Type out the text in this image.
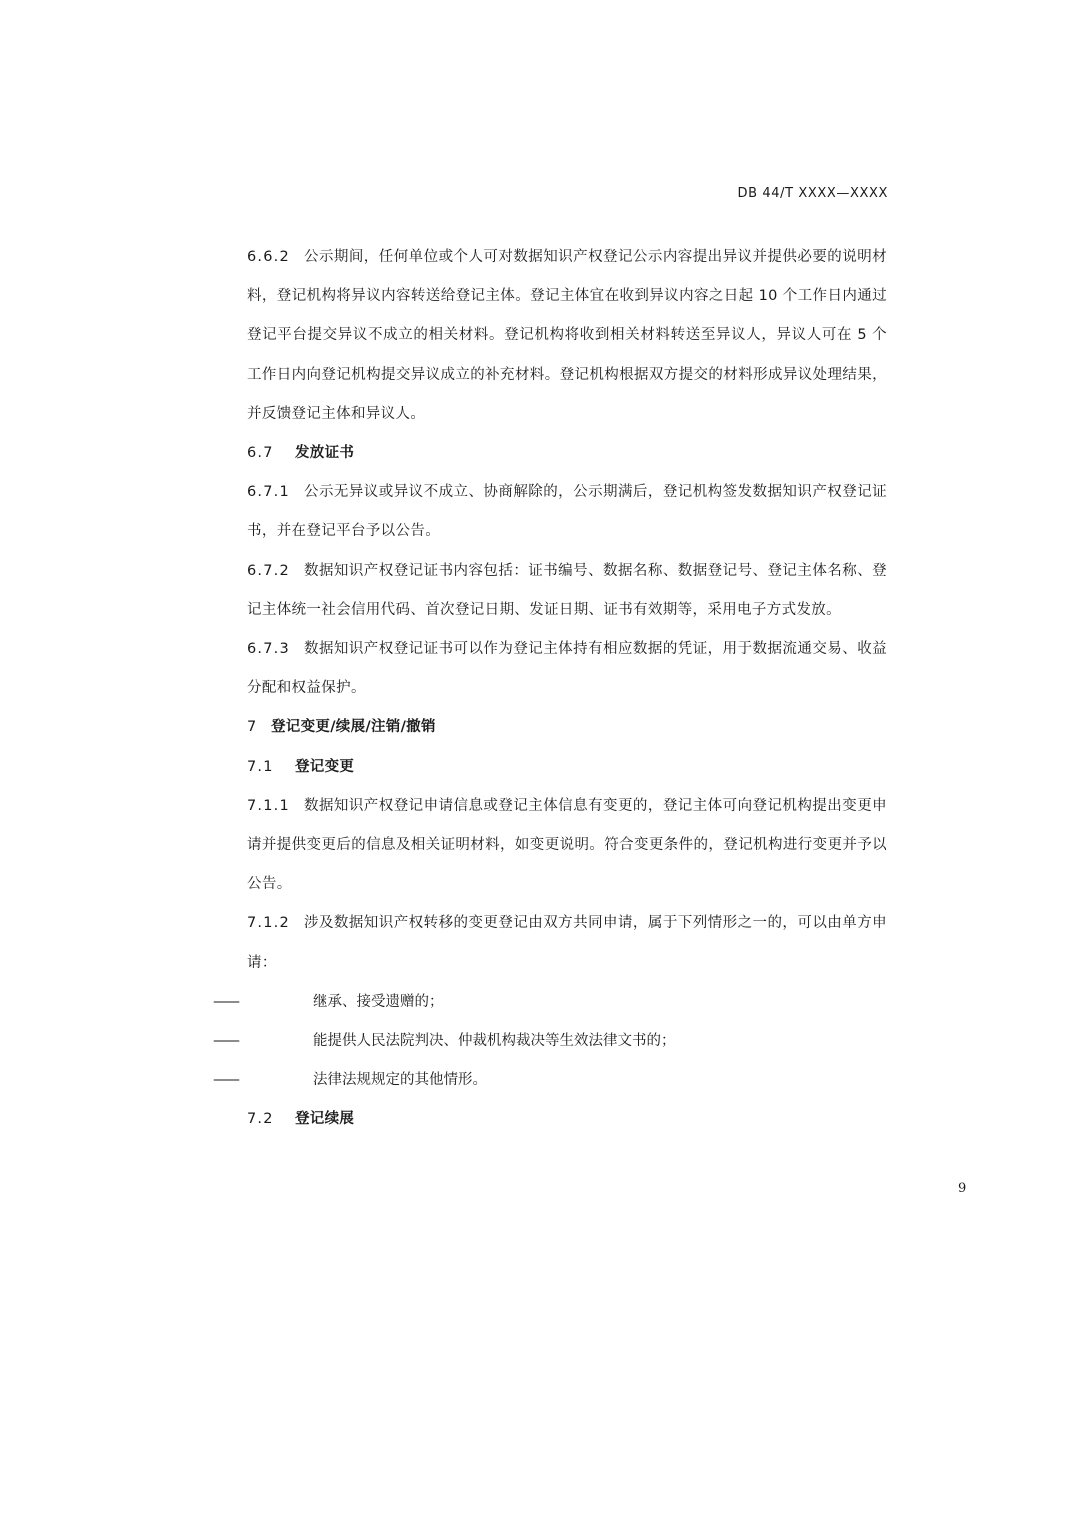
DB 44/T XXXX—XXXX

6.6.2 公示期间，任何单位或个人可对数据知识产权登记公示内容提出异议并提供必要的说明材料，登记机构将异议内容转送给登记主体。登记主体宜在收到异议内容之日起 10 个工作日内通过登记平台提交异议不成立的相关材料。登记机构将收到相关材料转送至异议人，异议人可在 5 个工作日内向登记机构提交异议成立的补充材料。登记机构根据双方提交的材料形成异议处理结果，并反馈登记主体和异议人。

6.7 发放证书

6.7.1 公示无异议或异议不成立、协商解除的，公示期满后，登记机构签发数据知识产权登记证书，并在登记平台予以公告。

6.7.2 数据知识产权登记证书内容包括：证书编号、数据名称、数据登记号、登记主体名称、登记主体统一社会信用代码、首次登记日期、发证日期、证书有效期等，采用电子方式发放。

6.7.3 数据知识产权登记证书可以作为登记主体持有相应数据的凭证，用于数据流通交易、收益分配和权益保护。

7 登记变更/续展/注销/撤销

7.1 登记变更

7.1.1 数据知识产权登记申请信息或登记主体信息有变更的，登记主体可向登记机构提出变更申请并提供变更后的信息及相关证明材料，如变更说明。符合变更条件的，登记机构进行变更并予以公告。

7.1.2 涉及数据知识产权转移的变更登记由双方共同申请，属于下列情形之一的，可以由单方申请：

——	继承、接受遗赠的；
——	能提供人民法院判决、仲裁机构裁决等生效法律文书的；
——	法律法规规定的其他情形。

7.2 登记续展

9
